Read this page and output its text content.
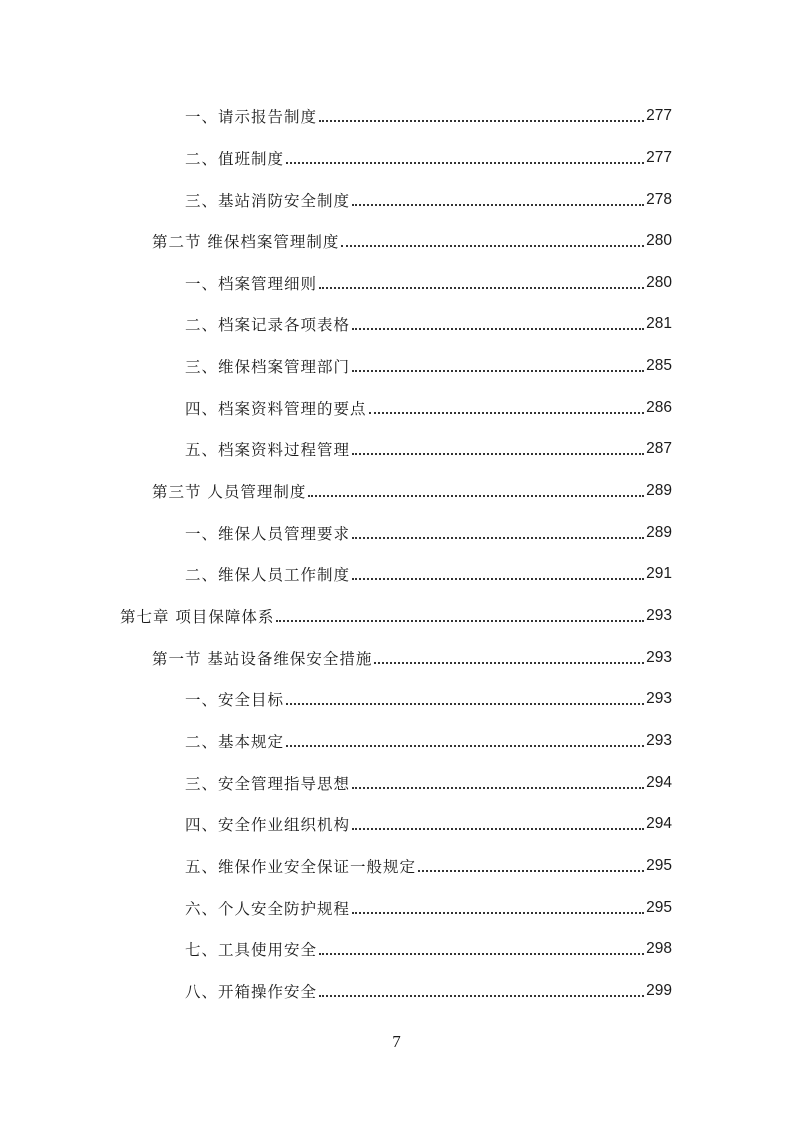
一、请示报告制度	277
二、值班制度	277
三、基站消防安全制度	278
第二节 维保档案管理制度	280
一、档案管理细则	280
二、档案记录各项表格	281
三、维保档案管理部门	285
四、档案资料管理的要点	286
五、档案资料过程管理	287
第三节 人员管理制度	289
一、维保人员管理要求	289
二、维保人员工作制度	291
第七章 项目保障体系	293
第一节 基站设备维保安全措施	293
一、安全目标	293
二、基本规定	293
三、安全管理指导思想	294
四、安全作业组织机构	294
五、维保作业安全保证一般规定	295
六、个人安全防护规程	295
七、工具使用安全	298
八、开箱操作安全	299
7
